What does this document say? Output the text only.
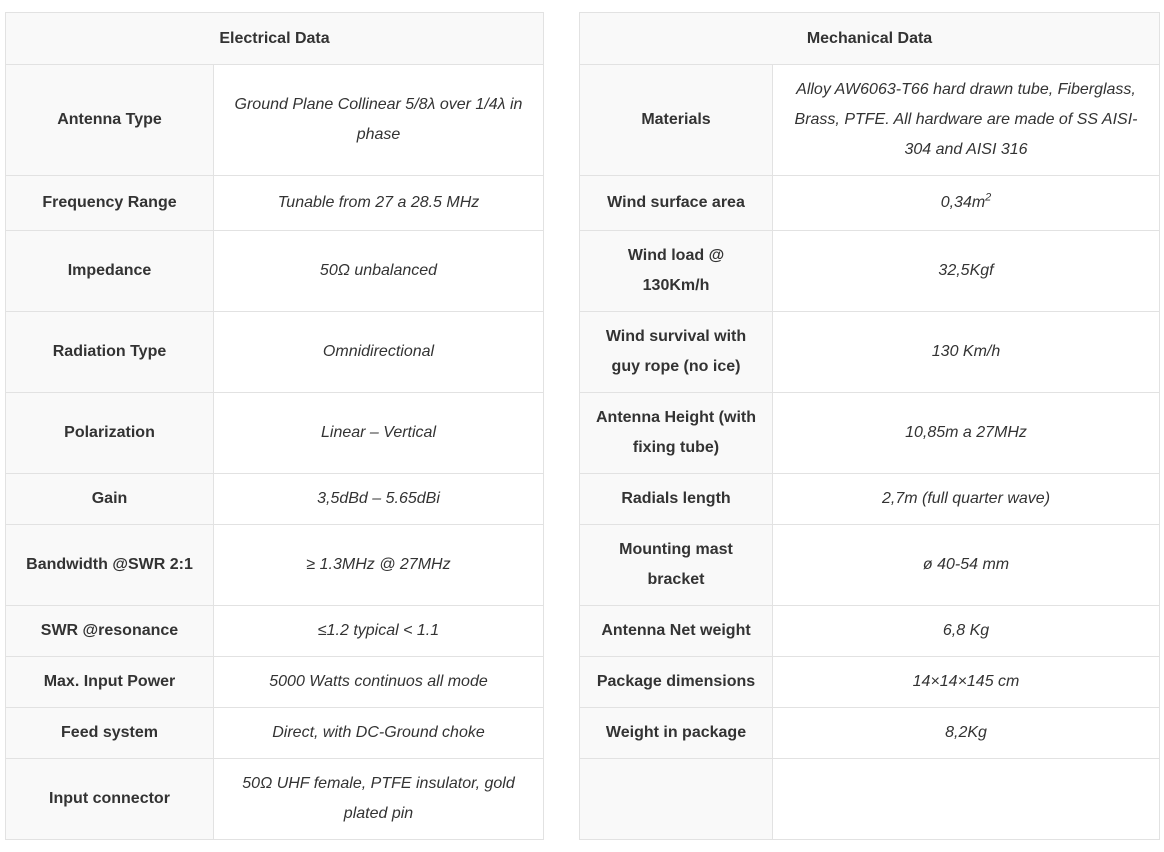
Electrical Data	
Antenna Type	Ground Plane Collinear 5/8λ over 1/4λ in phase
Frequency Range	Tunable from 27 a 28.5 MHz
Impedance	50Ω unbalanced
Radiation Type	Omnidirectional
Polarization	Linear – Vertical
Gain	3,5dBd – 5.65dBi
Bandwidth @SWR 2:1	≥ 1.3MHz @ 27MHz
SWR @resonance	≤1.2 typical < 1.1
Max. Input Power	5000 Watts continuos all mode
Feed system	Direct, with DC-Ground choke
Input connector	50Ω UHF female, PTFE insulator, gold plated pin
Mechanical Data	
Materials	Alloy AW6063-T66 hard drawn tube, Fiberglass, Brass, PTFE. All hardware are made of SS AISI-304 and AISI 316
Wind surface area	$0,34m^2$
Wind load @ 130Km/h	32,5Kgf
Wind survival with guy rope (no ice)	130 Km/h
Antenna Height (with fixing tube)	10,85m a 27MHz
Radials length	2,7m (full quarter wave)
Mounting mast bracket	ø 40-54 mm
Antenna Net weight	6,8 Kg
Package dimensions	14×14×145 cm
Weight in package	8,2Kg
